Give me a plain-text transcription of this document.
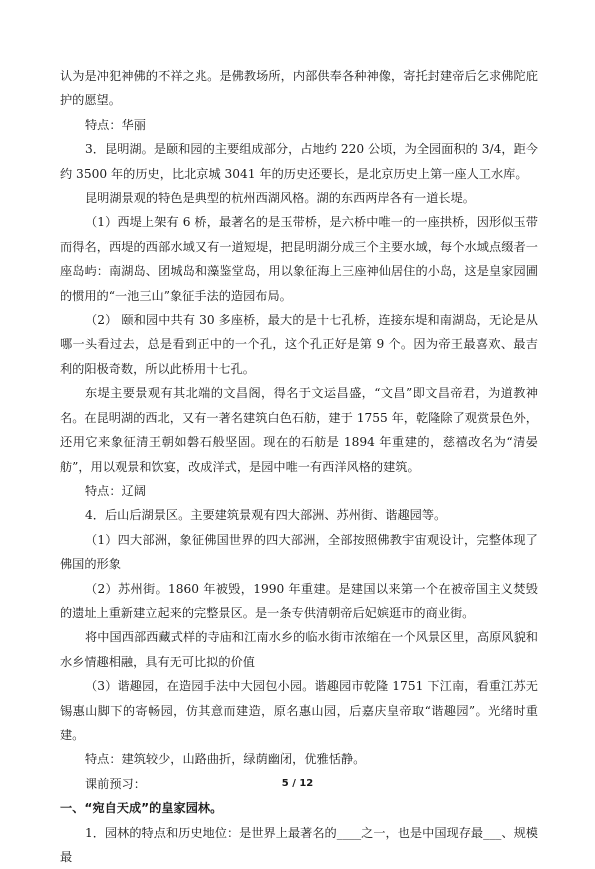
认为是冲犯神佛的不祥之兆。是佛教场所，内部供奉各种神像，寄托封建帝后乞求佛陀庇护的愿望。

特点：华丽

3．昆明湖。是颐和园的主要组成部分，占地约 220 公顷，为全园面积的 3/4，距今约 3500 年的历史，比北京城 3041 年的历史还要长，是北京历史上第一座人工水库。

昆明湖景观的特色是典型的杭州西湖风格。湖的东西两岸各有一道长堤。

（1）西堤上架有 6 桥，最著名的是玉带桥，是六桥中唯一的一座拱桥，因形似玉带而得名，西堤的西部水域又有一道短堤，把昆明湖分成三个主要水域，每个水域点缀者一座岛屿：南湖岛、团城岛和藻鉴堂岛，用以象征海上三座神仙居住的小岛，这是皇家园圃的惯用的“一池三山”象征手法的造园布局。

（2） 颐和园中共有 30 多座桥，最大的是十七孔桥，连接东堤和南湖岛，无论是从哪一头看过去，总是看到正中的一个孔，这个孔正好是第 9 个。因为帝王最喜欢、最吉利的阳极奇数，所以此桥用十七孔。

东堤主要景观有其北端的文昌阁，得名于文运昌盛，“文昌”即文昌帝君，为道教神名。在昆明湖的西北，又有一著名建筑白色石舫，建于 1755 年，乾隆除了观赏景色外，还用它来象征清王朝如磐石般坚固。现在的石舫是 1894 年重建的，慈禧改名为“清晏舫”，用以观景和饮宴，改成洋式，是园中唯一有西洋风格的建筑。

特点：辽阔

4．后山后湖景区。主要建筑景观有四大部洲、苏州街、谐趣园等。

（1）四大部洲，象征佛国世界的四大部洲，全部按照佛教宇宙观设计，完整体现了佛国的形象

（2）苏州街。1860 年被毁，1990 年重建。是建国以来第一个在被帝国主义焚毁的遗址上重新建立起来的完整景区。是一条专供清朝帝后妃嫔逛市的商业街。

将中国西部西藏式样的寺庙和江南水乡的临水街市浓缩在一个风景区里，高原风貌和水乡情趣相融，具有无可比拟的价值

（3）谐趣园，在造园手法中大园包小园。谐趣园市乾隆 1751 下江南，看重江苏无锡惠山脚下的寄畅园，仿其意而建造，原名惠山园，后嘉庆皇帝取“谐趣园”。光绪时重建。

特点：建筑较少，山路曲折，绿荫幽闭，优雅恬静。

课前预习：

一、“宛自天成”的皇家园林。

1．园林的特点和历史地位：是世界上最著名的____之一，也是中国现存最___、规模最

5 / 12
